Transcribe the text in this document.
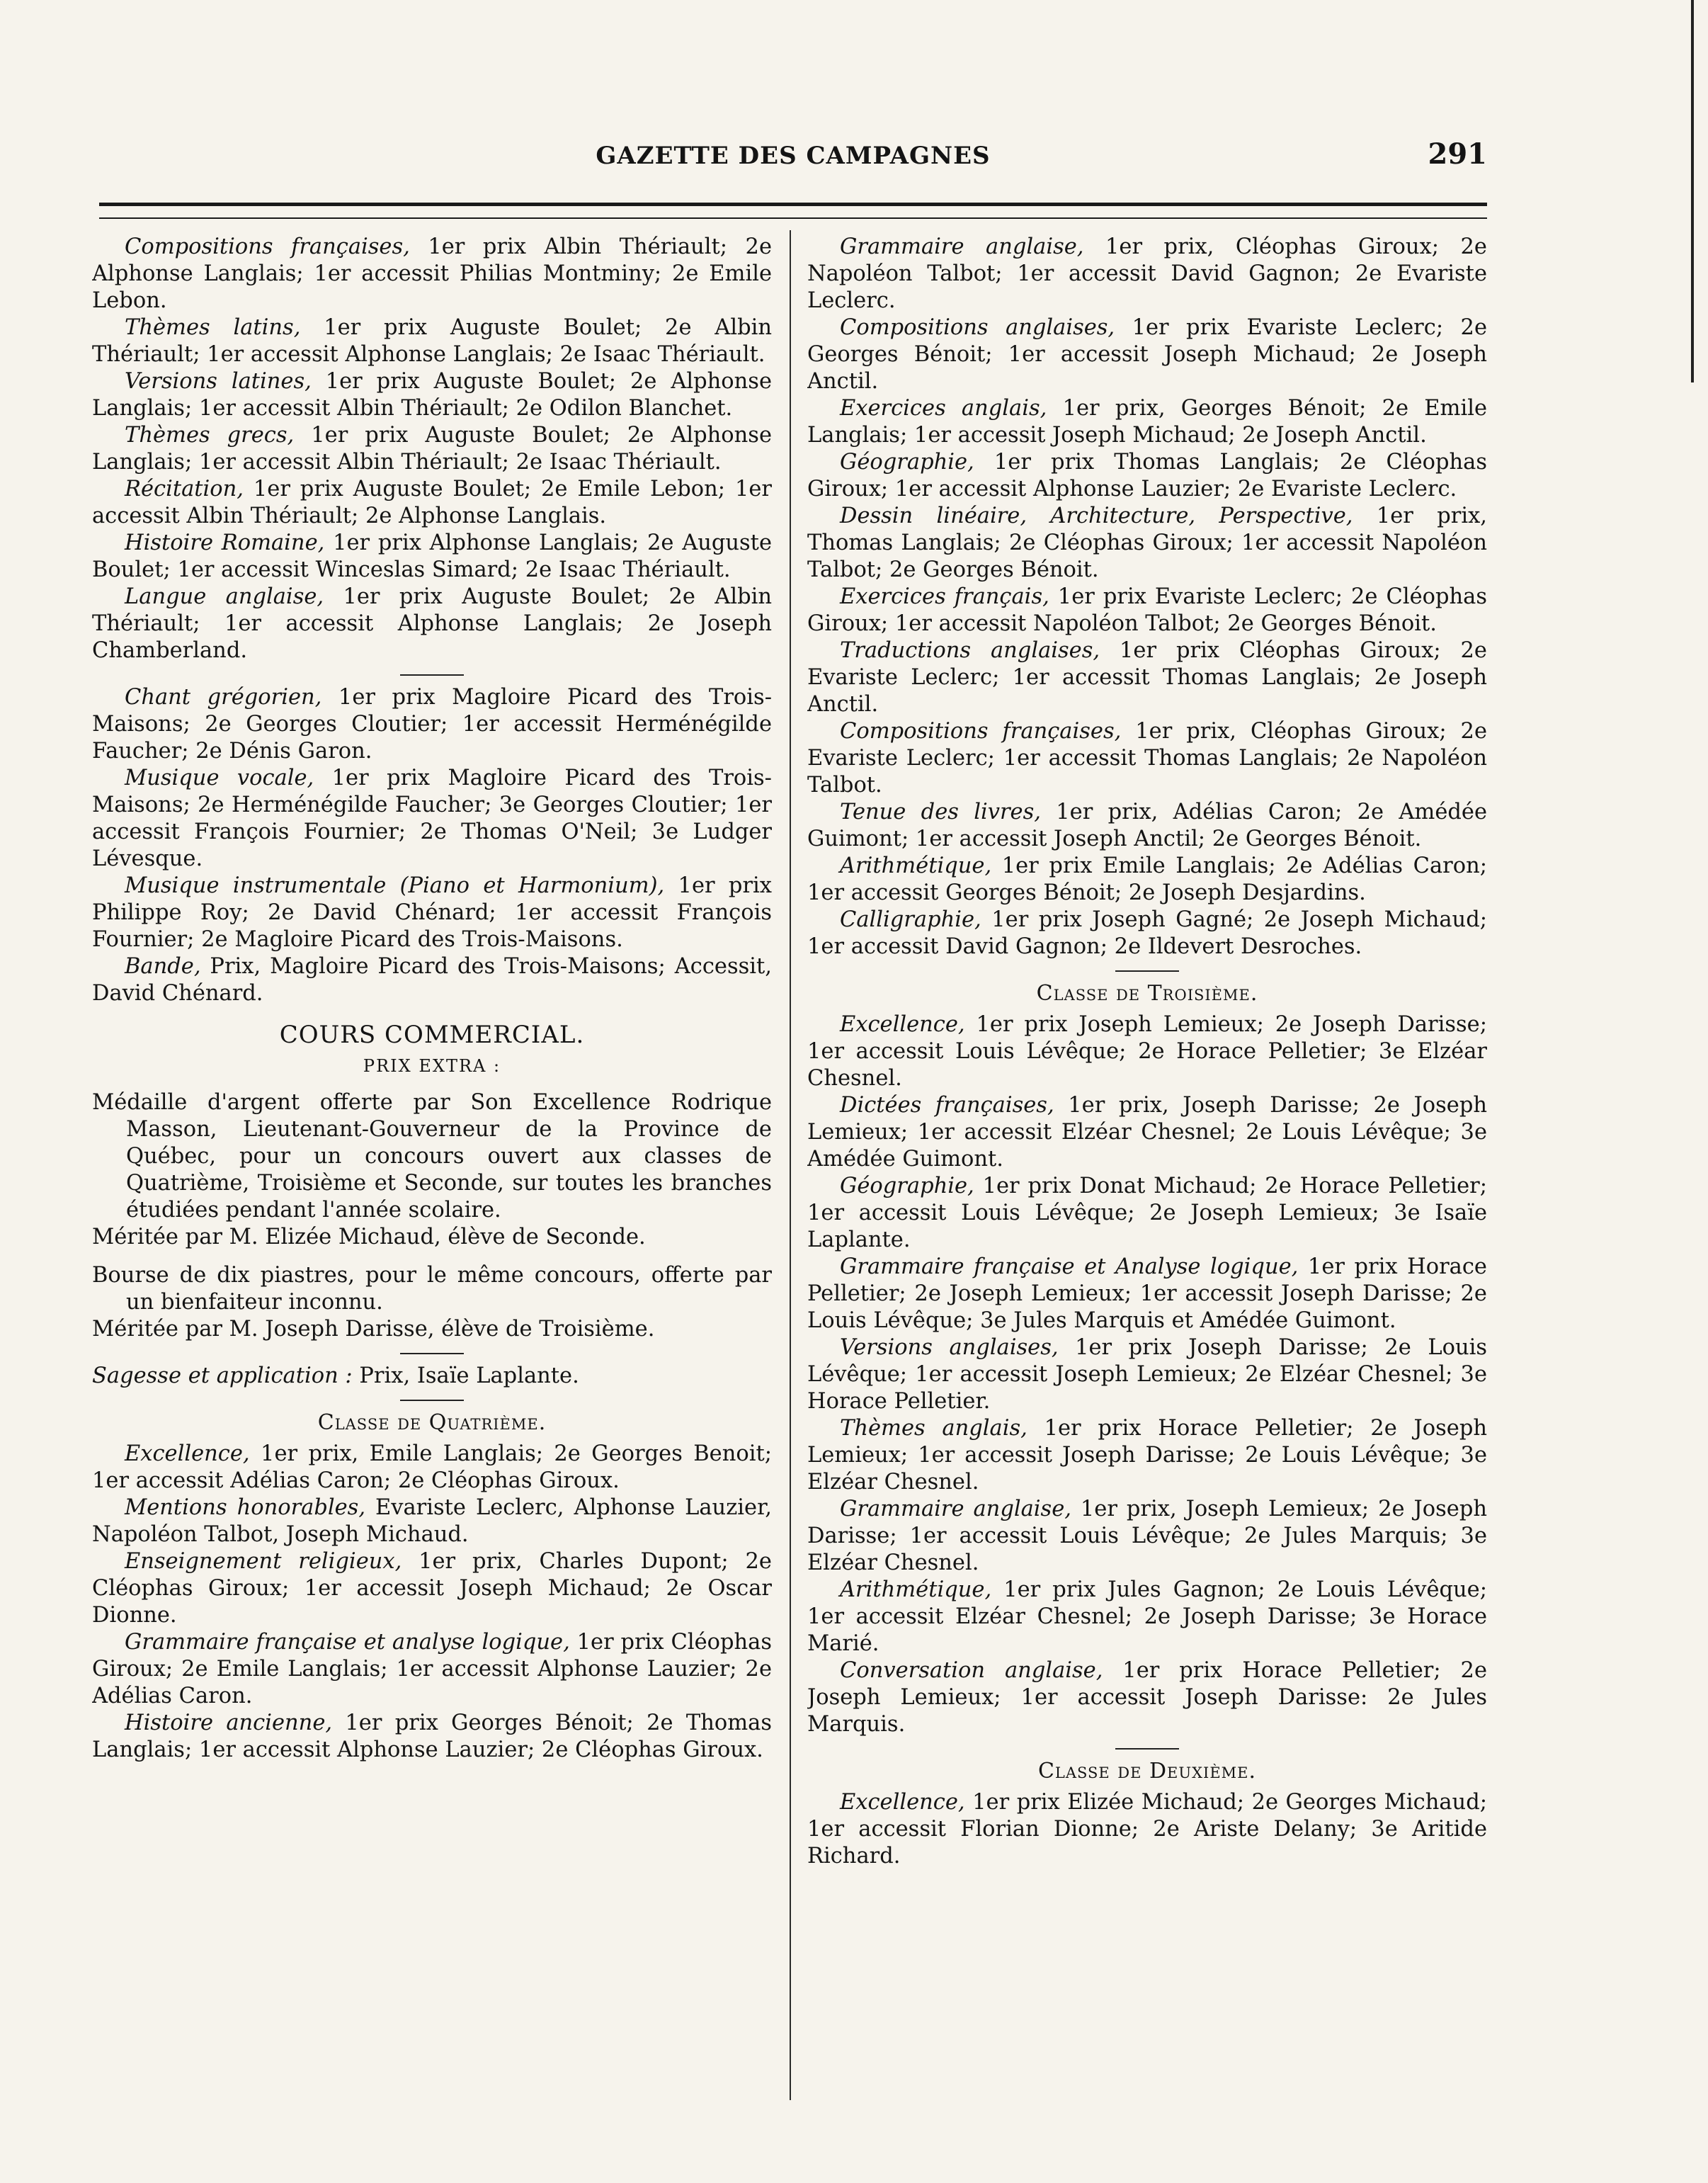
GAZETTE DES CAMPAGNES	291

Compositions françaises, 1er prix Albin Thériault; 2e Alphonse Langlais; 1er accessit Philias Montminy; 2e Emile Lebon.

Thèmes latins, 1er prix Auguste Boulet; 2e Albin Thériault; 1er accessit Alphonse Langlais; 2e Isaac Thériault.

Versions latines, 1er prix Auguste Boulet; 2e Alphonse Langlais; 1er accessit Albin Thériault; 2e Odilon Blanchet.

Thèmes grecs, 1er prix Auguste Boulet; 2e Alphonse Langlais; 1er accessit Albin Thériault; 2e Isaac Thériault.

Récitation, 1er prix Auguste Boulet; 2e Emile Lebon; 1er accessit Albin Thériault; 2e Alphonse Langlais.

Histoire Romaine, 1er prix Alphonse Langlais; 2e Auguste Boulet; 1er accessit Winceslas Simard; 2e Isaac Thériault.

Langue anglaise, 1er prix Auguste Boulet; 2e Albin Thériault; 1er accessit Alphonse Langlais; 2e Joseph Chamberland.

Chant grégorien, 1er prix Magloire Picard des Trois-Maisons; 2e Georges Cloutier; 1er accessit Herménégilde Faucher; 2e Dénis Garon.

Musique vocale, 1er prix Magloire Picard des Trois-Maisons; 2e Herménégilde Faucher; 3e Georges Cloutier; 1er accessit François Fournier; 2e Thomas O'Neil; 3e Ludger Lévesque.

Musique instrumentale (Piano et Harmonium), 1er prix Philippe Roy; 2e David Chénard; 1er accessit François Fournier; 2e Magloire Picard des Trois-Maisons.

Bande, Prix, Magloire Picard des Trois-Maisons; Accessit, David Chénard.

COURS COMMERCIAL.
PRIX EXTRA :

Médaille d'argent offerte par Son Excellence Rodrique Masson, Lieutenant-Gouverneur de la Province de Québec, pour un concours ouvert aux classes de Quatrième, Troisième et Seconde, sur toutes les branches étudiées pendant l'année scolaire.

Méritée par M. Elizée Michaud, élève de Seconde.

Bourse de dix piastres, pour le même concours, offerte par un bienfaiteur inconnu.

Méritée par M. Joseph Darisse, élève de Troisième.

Sagesse et application : Prix, Isaïe Laplante.

Classe de Quatrième.

Excellence, 1er prix, Emile Langlais; 2e Georges Benoit; 1er accessit Adélias Caron; 2e Cléophas Giroux.

Mentions honorables, Evariste Leclerc, Alphonse Lauzier, Napoléon Talbot, Joseph Michaud.

Enseignement religieux, 1er prix, Charles Dupont; 2e Cléophas Giroux; 1er accessit Joseph Michaud; 2e Oscar Dionne.

Grammaire française et analyse logique, 1er prix Cléophas Giroux; 2e Emile Langlais; 1er accessit Alphonse Lauzier; 2e Adélias Caron.

Histoire ancienne, 1er prix Georges Bénoit; 2e Thomas Langlais; 1er accessit Alphonse Lauzier; 2e Cléophas Giroux.

Grammaire anglaise, 1er prix, Cléophas Giroux; 2e Napoléon Talbot; 1er accessit David Gagnon; 2e Evariste Leclerc.

Compositions anglaises, 1er prix Evariste Leclerc; 2e Georges Bénoit; 1er accessit Joseph Michaud; 2e Joseph Anctil.

Exercices anglais, 1er prix, Georges Bénoit; 2e Emile Langlais; 1er accessit Joseph Michaud; 2e Joseph Anctil.

Géographie, 1er prix Thomas Langlais; 2e Cléophas Giroux; 1er accessit Alphonse Lauzier; 2e Evariste Leclerc.

Dessin linéaire, Architecture, Perspective, 1er prix, Thomas Langlais; 2e Cléophas Giroux; 1er accessit Napoléon Talbot; 2e Georges Bénoit.

Exercices français, 1er prix Evariste Leclerc; 2e Cléophas Giroux; 1er accessit Napoléon Talbot; 2e Georges Bénoit.

Traductions anglaises, 1er prix Cléophas Giroux; 2e Evariste Leclerc; 1er accessit Thomas Langlais; 2e Joseph Anctil.

Compositions françaises, 1er prix, Cléophas Giroux; 2e Evariste Leclerc; 1er accessit Thomas Langlais; 2e Napoléon Talbot.

Tenue des livres, 1er prix, Adélias Caron; 2e Amédée Guimont; 1er accessit Joseph Anctil; 2e Georges Bénoit.

Arithmétique, 1er prix Emile Langlais; 2e Adélias Caron; 1er accessit Georges Bénoit; 2e Joseph Desjardins.

Calligraphie, 1er prix Joseph Gagné; 2e Joseph Michaud; 1er accessit David Gagnon; 2e Ildevert Desroches.

Classe de Troisième.

Excellence, 1er prix Joseph Lemieux; 2e Joseph Darisse; 1er accessit Louis Lévêque; 2e Horace Pelletier; 3e Elzéar Chesnel.

Dictées françaises, 1er prix, Joseph Darisse; 2e Joseph Lemieux; 1er accessit Elzéar Chesnel; 2e Louis Lévêque; 3e Amédée Guimont.

Géographie, 1er prix Donat Michaud; 2e Horace Pelletier; 1er accessit Louis Lévêque; 2e Joseph Lemieux; 3e Isaïe Laplante.

Grammaire française et Analyse logique, 1er prix Horace Pelletier; 2e Joseph Lemieux; 1er accessit Joseph Darisse; 2e Louis Lévêque; 3e Jules Marquis et Amédée Guimont.

Versions anglaises, 1er prix Joseph Darisse; 2e Louis Lévêque; 1er accessit Joseph Lemieux; 2e Elzéar Chesnel; 3e Horace Pelletier.

Thèmes anglais, 1er prix Horace Pelletier; 2e Joseph Lemieux; 1er accessit Joseph Darisse; 2e Louis Lévêque; 3e Elzéar Chesnel.

Grammaire anglaise, 1er prix, Joseph Lemieux; 2e Joseph Darisse; 1er accessit Louis Lévêque; 2e Jules Marquis; 3e Elzéar Chesnel.

Arithmétique, 1er prix Jules Gagnon; 2e Louis Lévêque; 1er accessit Elzéar Chesnel; 2e Joseph Darisse; 3e Horace Marié.

Conversation anglaise, 1er prix Horace Pelletier; 2e Joseph Lemieux; 1er accessit Joseph Darisse: 2e Jules Marquis.

Classe de Deuxième.

Excellence, 1er prix Elizée Michaud; 2e Georges Michaud; 1er accessit Florian Dionne; 2e Ariste Delany; 3e Aritide Richard.
